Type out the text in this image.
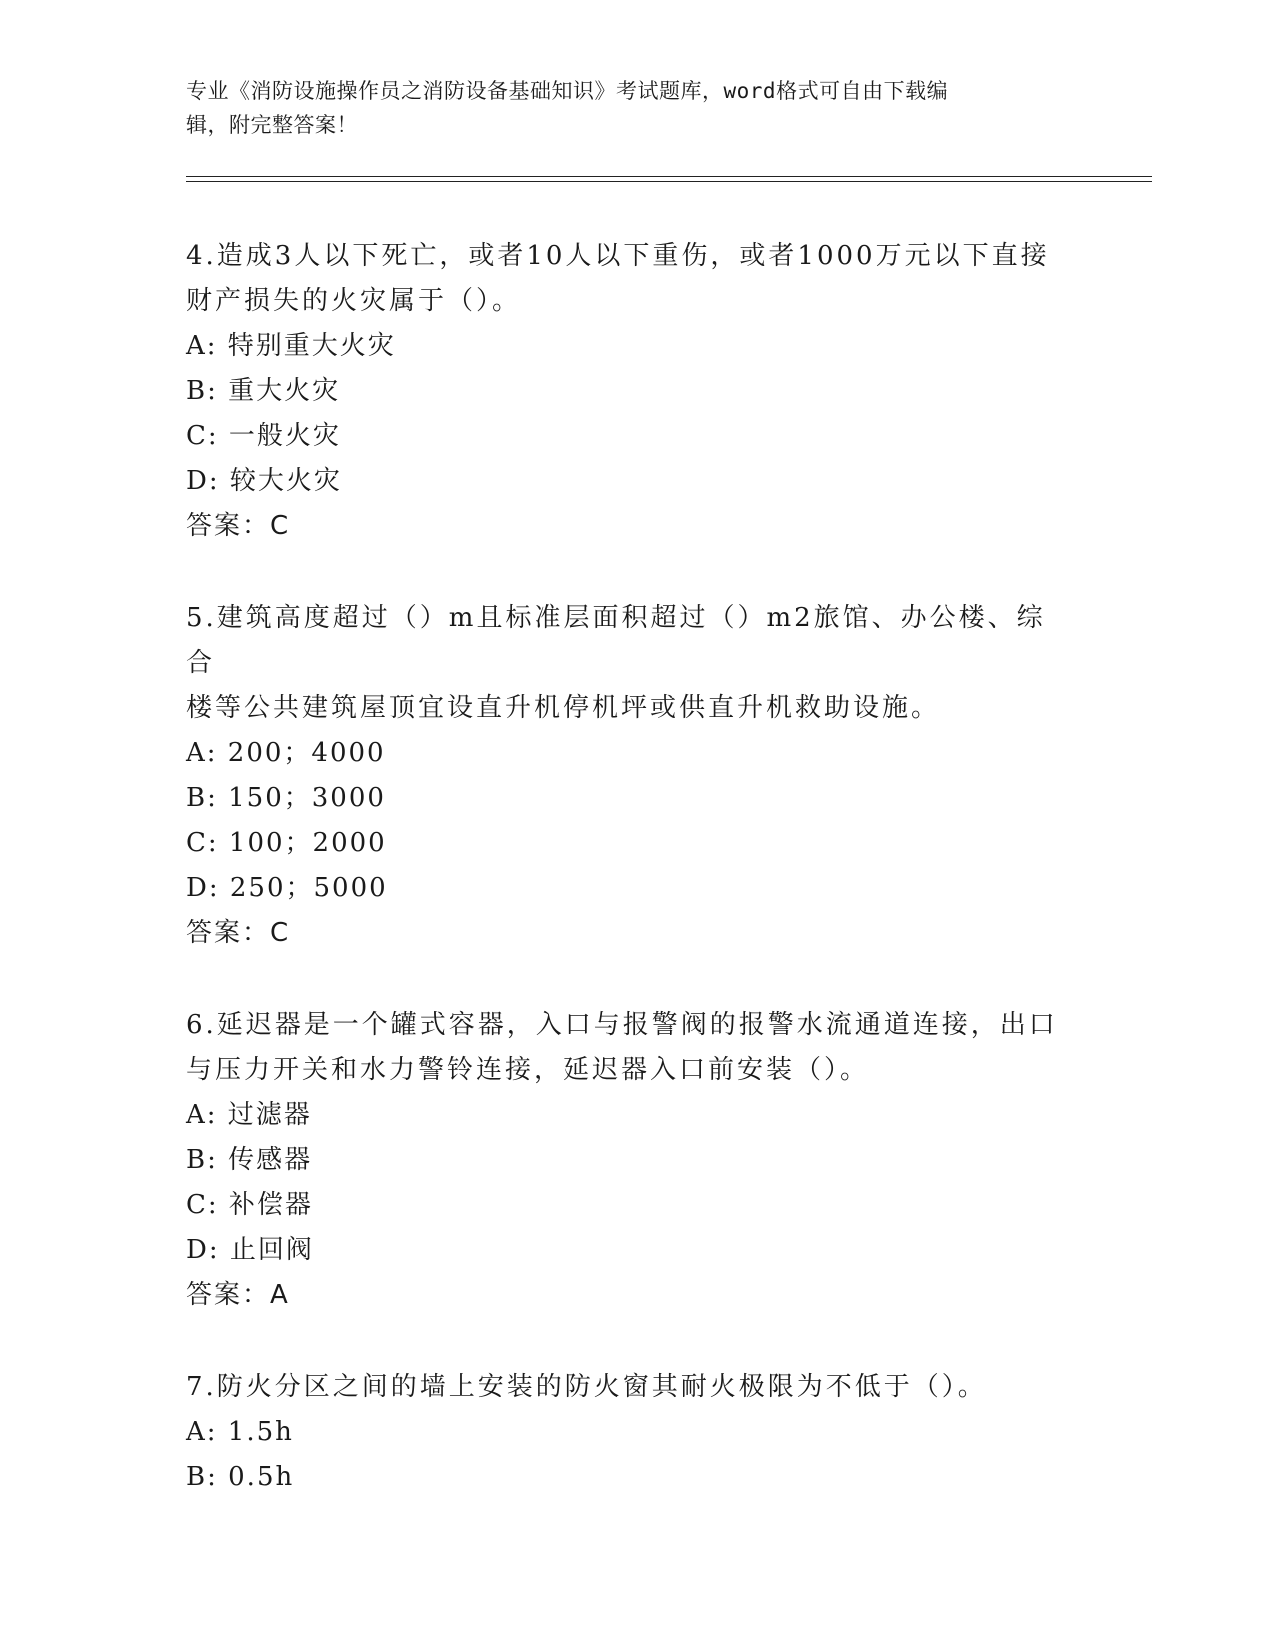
专业《消防设施操作员之消防设备基础知识》考试题库，word格式可自由下载编
辑，附完整答案！
4.造成3人以下死亡，或者10人以下重伤，或者1000万元以下直接
财产损失的火灾属于（）。
A: 特别重大火灾
B: 重大火灾
C: 一般火灾
D: 较大火灾
答案：C
5.建筑高度超过（）m且标准层面积超过（）m2旅馆、办公楼、综合
楼等公共建筑屋顶宜设直升机停机坪或供直升机救助设施。
A: 200；4000
B: 150；3000
C: 100；2000
D: 250；5000
答案：C
6.延迟器是一个罐式容器，入口与报警阀的报警水流通道连接，出口
与压力开关和水力警铃连接，延迟器入口前安装（）。
A: 过滤器
B: 传感器
C: 补偿器
D: 止回阀
答案：A
7.防火分区之间的墙上安装的防火窗其耐火极限为不低于（）。
A: 1.5h
B: 0.5h
